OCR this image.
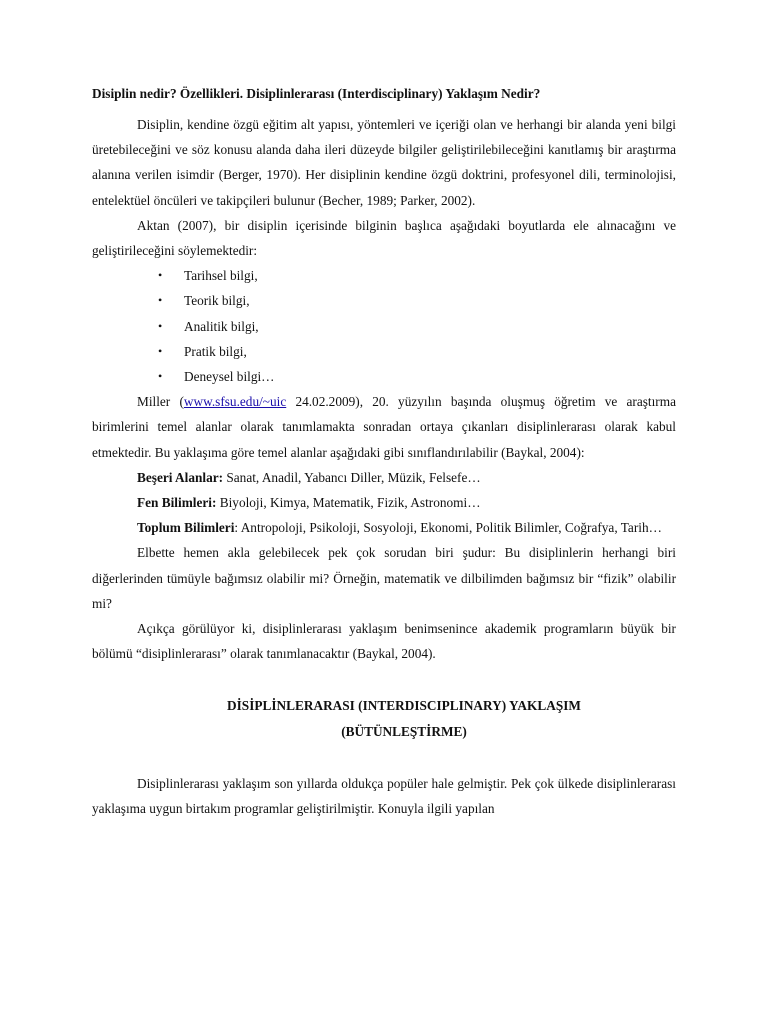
Disiplin nedir? Özellikleri. Disiplinlerarası (Interdisciplinary) Yaklaşım Nedir?

Disiplin, kendine özgü eğitim alt yapısı, yöntemleri ve içeriği olan ve herhangi bir alanda yeni bilgi üretebileceğini ve söz konusu alanda daha ileri düzeyde bilgiler geliştirilebileceğini kanıtlamış bir araştırma alanına verilen isimdir (Berger, 1970). Her disiplinin kendine özgü doktrini, profesyonel dili, terminolojisi, entelektüel öncüleri ve takipçileri bulunur (Becher, 1989; Parker, 2002).

Aktan (2007), bir disiplin içerisinde bilginin başlıca aşağıdaki boyutlarda ele alınacağını ve geliştirileceğini söylemektedir:

• Tarihsel bilgi,
• Teorik bilgi,
• Analitik bilgi,
• Pratik bilgi,
• Deneysel bilgi…

Miller (www.sfsu.edu/~uic 24.02.2009), 20. yüzyılın başında oluşmuş öğretim ve araştırma birimlerini temel alanlar olarak tanımlamakta sonradan ortaya çıkanları disiplinlerarası olarak kabul etmektedir. Bu yaklaşıma göre temel alanlar aşağıdaki gibi sınıflandırılabilir (Baykal, 2004):

Beşeri Alanlar: Sanat, Anadil, Yabancı Diller, Müzik, Felsefe…

Fen Bilimleri: Biyoloji, Kimya, Matematik, Fizik, Astronomi…

Toplum Bilimleri: Antropoloji, Psikoloji, Sosyoloji, Ekonomi, Politik Bilimler, Coğrafya, Tarih…

Elbette hemen akla gelebilecek pek çok sorudan biri şudur: Bu disiplinlerin herhangi biri diğerlerinden tümüyle bağımsız olabilir mi? Örneğin, matematik ve dilbilimden bağımsız bir “fizik” olabilir mi?

Açıkça görülüyor ki, disiplinlerarası yaklaşım benimsenince akademik programların büyük bir bölümü “disiplinlerarası” olarak tanımlanacaktır (Baykal, 2004).

DİSİPLİNLERARASI (INTERDISCIPLINARY) YAKLAŞIM
(BÜTÜNLEŞTİRME)

Disiplinlerarası yaklaşım son yıllarda oldukça popüler hale gelmiştir. Pek çok ülkede disiplinlerarası yaklaşıma uygun birtakım programlar geliştirilmiştir. Konuyla ilgili yapılan
